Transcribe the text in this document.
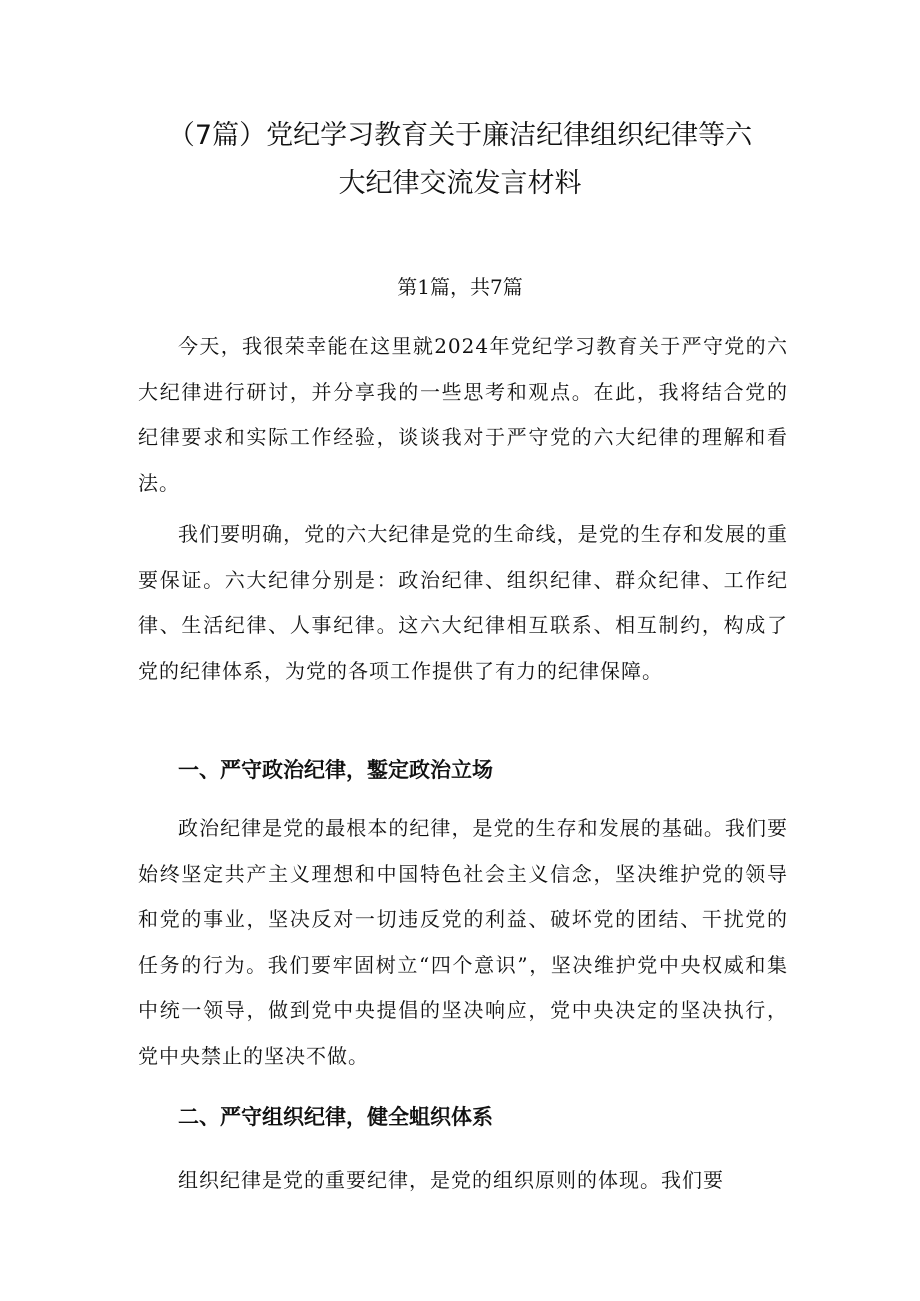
（7篇）党纪学习教育关于廉洁纪律组织纪律等六
大纪律交流发言材料
第1篇，共7篇

今天，我很荣幸能在这里就2024年党纪学习教育关于严守党的六大纪律进行研讨，并分享我的一些思考和观点。在此，我将结合党的纪律要求和实际工作经验，谈谈我对于严守党的六大纪律的理解和看法。

我们要明确，党的六大纪律是党的生命线，是党的生存和发展的重要保证。六大纪律分别是：政治纪律、组织纪律、群众纪律、工作纪律、生活纪律、人事纪律。这六大纪律相互联系、相互制约，构成了党的纪律体系，为党的各项工作提供了有力的纪律保障。

一、严守政治纪律，鏨定政治立场

政治纪律是党的最根本的纪律，是党的生存和发展的基础。我们要始终坚定共产主义理想和中国特色社会主义信念，坚决维护党的领导和党的事业，坚决反对一切违反党的利益、破坏党的团结、干扰党的任务的行为。我们要牢固树立“四个意识”，坚决维护党中央权威和集中统一领导，做到党中央提倡的坚决响应，党中央决定的坚决执行，党中央禁止的坚决不做。

二、严守组织纪律，健全蛆织体系

组织纪律是党的重要纪律，是党的组织原则的体现。我们要
